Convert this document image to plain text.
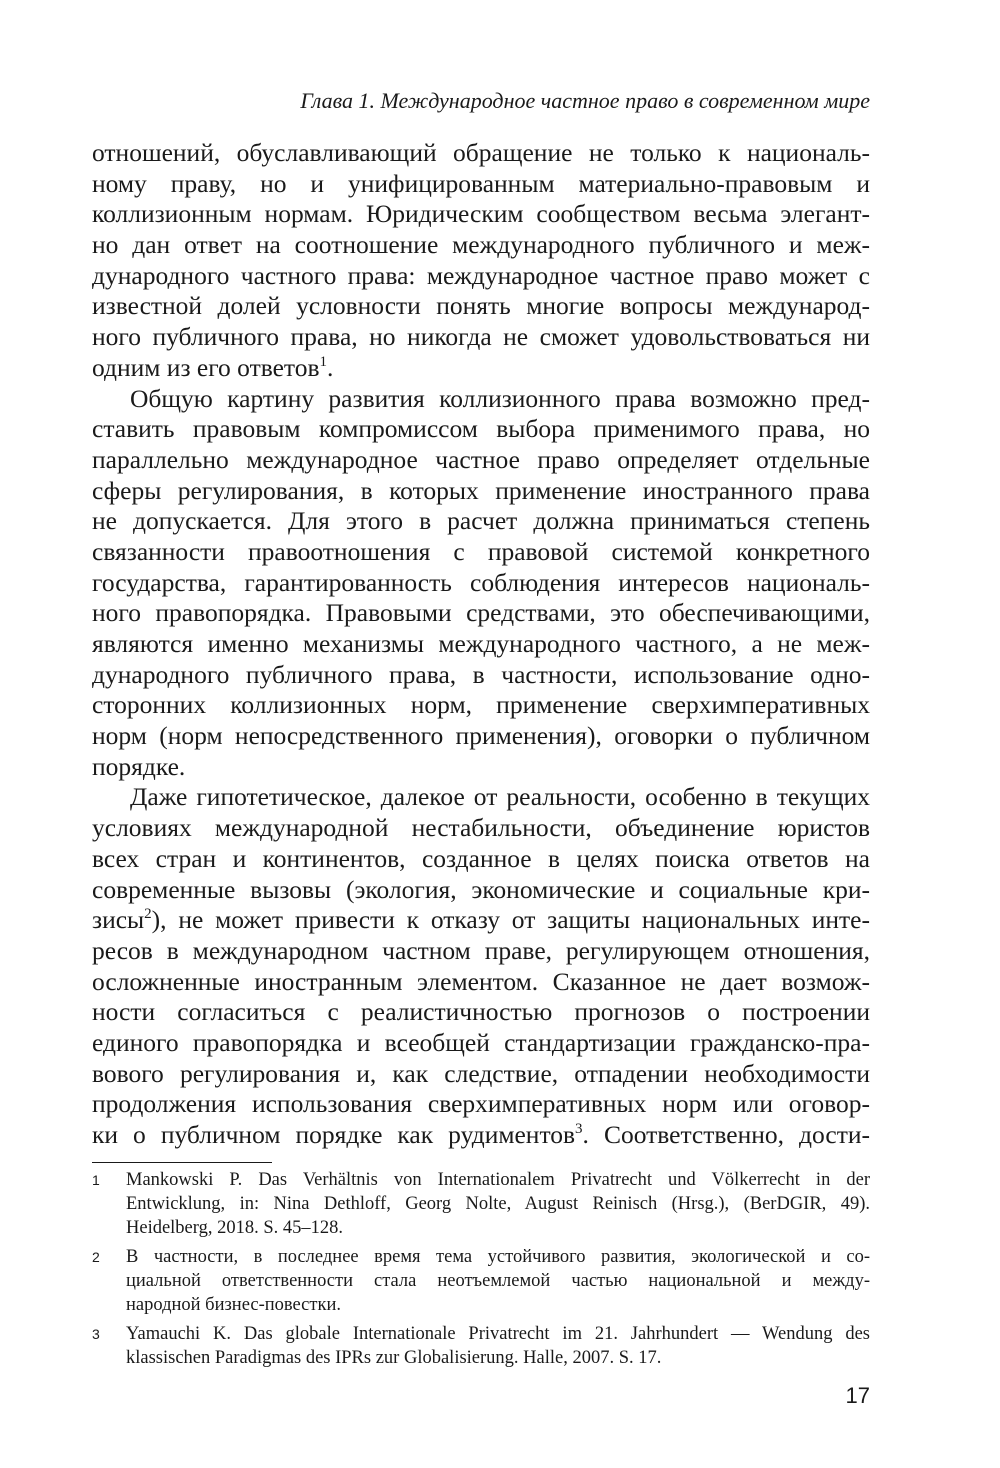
Глава 1. Международное частное право в современном мире
отношений, обуславливающий обращение не только к националь-
ному праву, но и унифицированным материально-правовым и
коллизионным нормам. Юридическим сообществом весьма элегант-
но дан ответ на соотношение международного публичного и меж-
дународного частного права: международное частное право может с
известной долей условности понять многие вопросы международ-
ного публичного права, но никогда не сможет удовольствоваться ни
одним из его ответов$^1$.
Общую картину развития коллизионного права возможно пред-
ставить правовым компромиссом выбора применимого права, но
параллельно международное частное право определяет отдельные
сферы регулирования, в которых применение иностранного права
не допускается. Для этого в расчет должна приниматься степень
связанности правоотношения с правовой системой конкретного
государства, гарантированность соблюдения интересов националь-
ного правопорядка. Правовыми средствами, это обеспечивающими,
являются именно механизмы международного частного, а не меж-
дународного публичного права, в частности, использование одно-
сторонних коллизионных норм, применение сверхимперативных
норм (норм непосредственного применения), оговорки о публичном
порядке.
Даже гипотетическое, далекое от реальности, особенно в текущих
условиях международной нестабильности, объединение юристов
всех стран и континентов, созданное в целях поиска ответов на
современные вызовы (экология, экономические и социальные кри-
зисы$^2$), не может привести к отказу от защиты национальных инте-
ресов в международном частном праве, регулирующем отношения,
осложненные иностранным элементом. Сказанное не дает возмож-
ности согласиться с реалистичностью прогнозов о построении
единого правопорядка и всеобщей стандартизации гражданско-пра-
вового регулирования и, как следствие, отпадении необходимости
продолжения использования сверхимперативных норм или оговор-
ки о публичном порядке как рудиментов$^3$. Соответственно, дости-
1 Mankowski P. Das Verhältnis von Internationalem Privatrecht und Völkerrecht in der
Entwicklung, in: Nina Dethloff, Georg Nolte, August Reinisch (Hrsg.), (BerDGIR, 49).
Heidelberg, 2018. S. 45–128.
2 В частности, в последнее время тема устойчивого развития, экологической и со-
циальной ответственности стала неотъемлемой частью национальной и между-
народной бизнес-повестки.
3 Yamauchi K. Das globale Internationale Privatrecht im 21. Jahrhundert — Wendung des
klassischen Paradigmas des IPRs zur Globalisierung. Halle, 2007. S. 17.
17
